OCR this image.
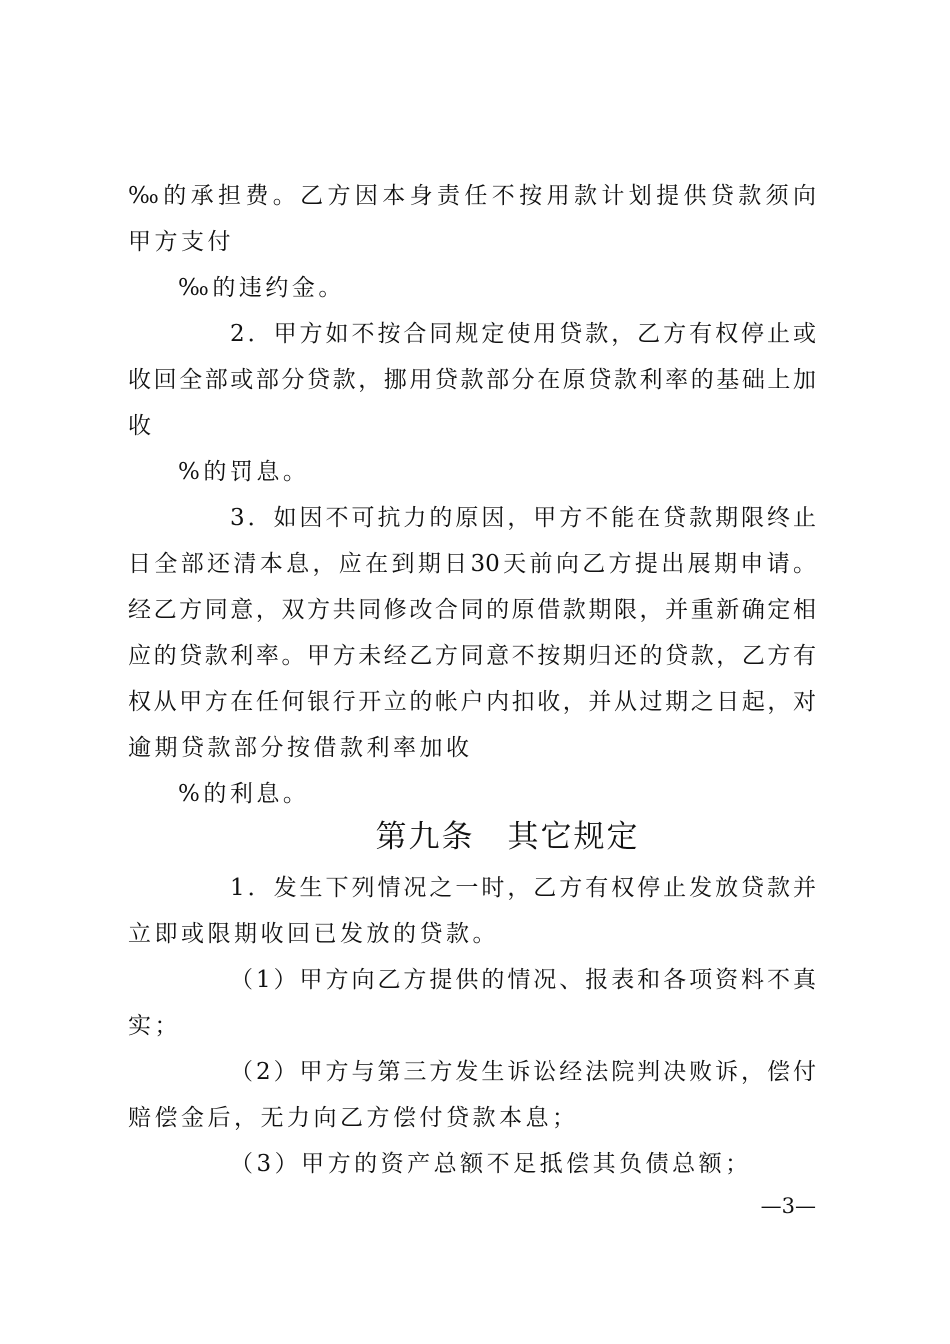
‰的承担费。乙方因本身责任不按用款计划提供贷款须向
甲方支付
‰的违约金。
2．甲方如不按合同规定使用贷款，乙方有权停止或
收回全部或部分贷款，挪用贷款部分在原贷款利率的基础上加
收
%的罚息。
3．如因不可抗力的原因，甲方不能在贷款期限终止
日全部还清本息，应在到期日30天前向乙方提出展期申请。
经乙方同意，双方共同修改合同的原借款期限，并重新确定相
应的贷款利率。甲方未经乙方同意不按期归还的贷款，乙方有
权从甲方在任何银行开立的帐户内扣收，并从过期之日起，对
逾期贷款部分按借款利率加收
%的利息。
第九条　其它规定
1．发生下列情况之一时，乙方有权停止发放贷款并
立即或限期收回已发放的贷款。
（1）甲方向乙方提供的情况、报表和各项资料不真
实；
（2）甲方与第三方发生诉讼经法院判决败诉，偿付
赔偿金后，无力向乙方偿付贷款本息；
（3）甲方的资产总额不足抵偿其负债总额；
—3—
